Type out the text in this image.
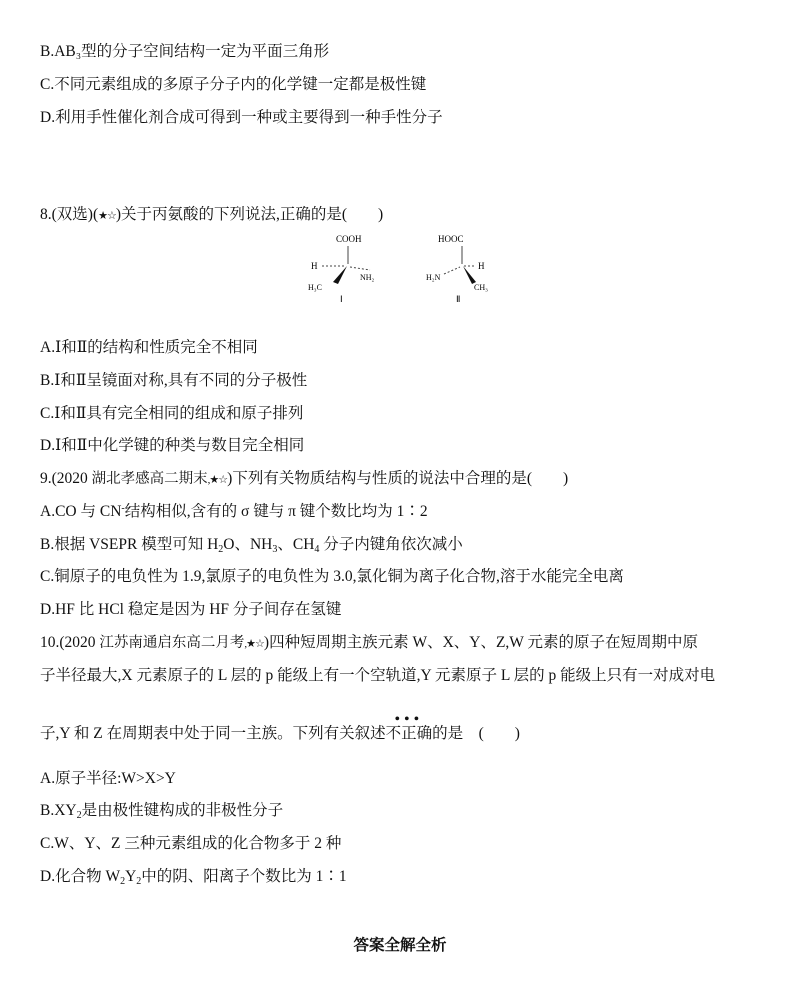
B.AB₃型的分子空间结构一定为平面三角形
C.不同元素组成的多原子分子内的化学键一定都是极性键
D.利用手性催化剂合成可得到一种或主要得到一种手性分子
8.(双选)(★☆)关于丙氨酸的下列说法,正确的是(　　)
COOH
H
NH₂
H₃C
Ⅰ
HOOC
H₂N
H
CH₃
Ⅱ
A.Ⅰ和Ⅱ的结构和性质完全不相同
B.Ⅰ和Ⅱ呈镜面对称,具有不同的分子极性
C.Ⅰ和Ⅱ具有完全相同的组成和原子排列
D.Ⅰ和Ⅱ中化学键的种类与数目完全相同
9.(2020 湖北孝感高二期末,★☆)下列有关物质结构与性质的说法中合理的是(　　)
A.CO 与 CN-结构相似,含有的 σ 键与 π 键个数比均为 1∶2
B.根据 VSEPR 模型可知 $H_2O$、$NH_3$、$CH_4$ 分子内键角依次减小
C.铜原子的电负性为 1.9,氯原子的电负性为 3.0,氯化铜为离子化合物,溶于水能完全电离
D.HF 比 HCl 稳定是因为 HF 分子间存在氢键
10.(2020 江苏南通启东高二月考,★☆)四种短周期主族元素 W、X、Y、Z,W 元素的原子在短周期中原
子半径最大,X 元素原子的 L 层的 p 能级上有一个空轨道,Y 元素原子 L 层的 p 能级上只有一对成对电
子,Y 和 Z 在周期表中处于同一主族。下列有关叙述
•••
不正确的是　(　　)
A.原子半径:W>X>Y
$B.XY_2$是由极性键构成的非极性分子
C.W、Y、Z 三种元素组成的化合物多于 2 种
D.化合物 $W_2Y_2$中的阴、阳离子个数比为 1∶1
答案全解全析
